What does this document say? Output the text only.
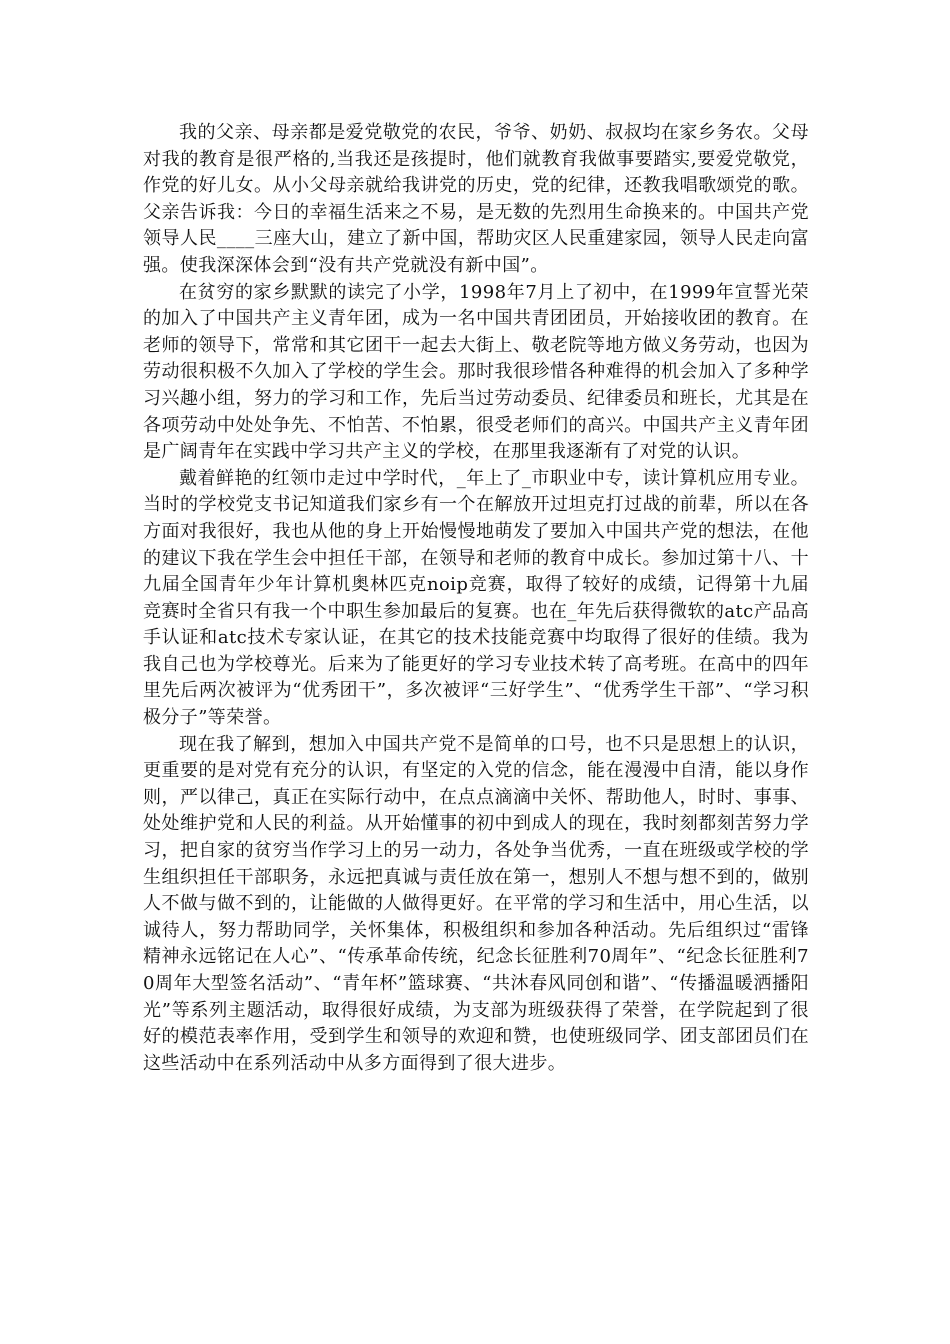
我的父亲、母亲都是爱党敬党的农民，爷爷、奶奶、叔叔均在家乡务农。父母对我的教育是很严格的,当我还是孩提时，他们就教育我做事要踏实,要爱党敬党，作党的好儿女。从小父母亲就给我讲党的历史，党的纪律，还教我唱歌颂党的歌。父亲告诉我：今日的幸福生活来之不易，是无数的先烈用生命换来的。中国共产党领导人民____三座大山，建立了新中国，帮助灾区人民重建家园，领导人民走向富强。使我深深体会到“没有共产党就没有新中国”。

在贫穷的家乡默默的读完了小学，1998年7月上了初中，在1999年宣誓光荣的加入了中国共产主义青年团，成为一名中国共青团团员，开始接收团的教育。在老师的领导下，常常和其它团干一起去大街上、敬老院等地方做义务劳动，也因为劳动很积极不久加入了学校的学生会。那时我很珍惜各种难得的机会加入了多种学习兴趣小组，努力的学习和工作，先后当过劳动委员、纪律委员和班长，尤其是在各项劳动中处处争先、不怕苦、不怕累，很受老师们的高兴。中国共产主义青年团是广阔青年在实践中学习共产主义的学校，在那里我逐渐有了对党的认识。

戴着鲜艳的红领巾走过中学时代，_年上了_市职业中专，读计算机应用专业。当时的学校党支书记知道我们家乡有一个在解放开过坦克打过战的前辈，所以在各方面对我很好，我也从他的身上开始慢慢地萌发了要加入中国共产党的想法，在他的建议下我在学生会中担任干部，在领导和老师的教育中成长。参加过第十八、十九届全国青年少年计算机奥林匹克noip竞赛，取得了较好的成绩，记得第十九届竞赛时全省只有我一个中职生参加最后的复赛。也在_年先后获得微软的atc产品高手认证和atc技术专家认证，在其它的技术技能竞赛中均取得了很好的佳绩。我为我自己也为学校尊光。后来为了能更好的学习专业技术转了高考班。在高中的四年里先后两次被评为“优秀团干”，多次被评“三好学生”、“优秀学生干部”、“学习积极分子”等荣誉。

现在我了解到，想加入中国共产党不是简单的口号，也不只是思想上的认识，更重要的是对党有充分的认识，有坚定的入党的信念，能在漫漫中自清，能以身作则，严以律己，真正在实际行动中，在点点滴滴中关怀、帮助他人，时时、事事、处处维护党和人民的利益。从开始懂事的初中到成人的现在，我时刻都刻苦努力学习，把自家的贫穷当作学习上的另一动力，各处争当优秀，一直在班级或学校的学生组织担任干部职务，永远把真诚与责任放在第一，想别人不想与想不到的，做别人不做与做不到的，让能做的人做得更好。在平常的学习和生活中，用心生活，以诚待人，努力帮助同学，关怀集体，积极组织和参加各种活动。先后组织过“雷锋精神永远铭记在人心”、“传承革命传统，纪念长征胜利70周年”、“纪念长征胜利70周年大型签名活动”、“青年杯”篮球赛、“共沐春风同创和谐”、“传播温暖洒播阳光”等系列主题活动，取得很好成绩，为支部为班级获得了荣誉，在学院起到了很好的模范表率作用，受到学生和领导的欢迎和赞，也使班级同学、团支部团员们在这些活动中在系列活动中从多方面得到了很大进步。
